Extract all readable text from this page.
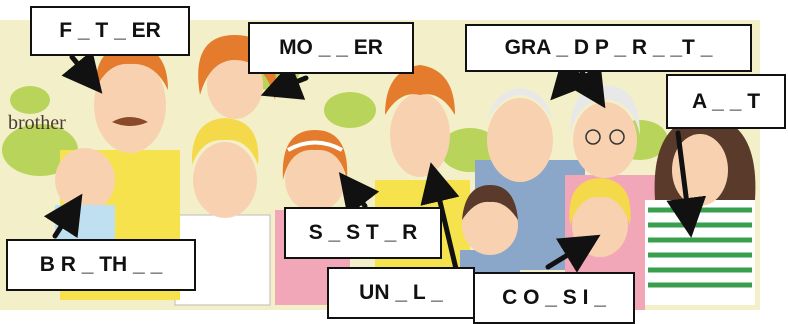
brother
F _ T _ ER
MO _ _ ER	GRA _ D P _ R _ _T _
A _ _ T
S _ S T _ R
B R _ TH _ _
UN _ L _	C O _ S I _
